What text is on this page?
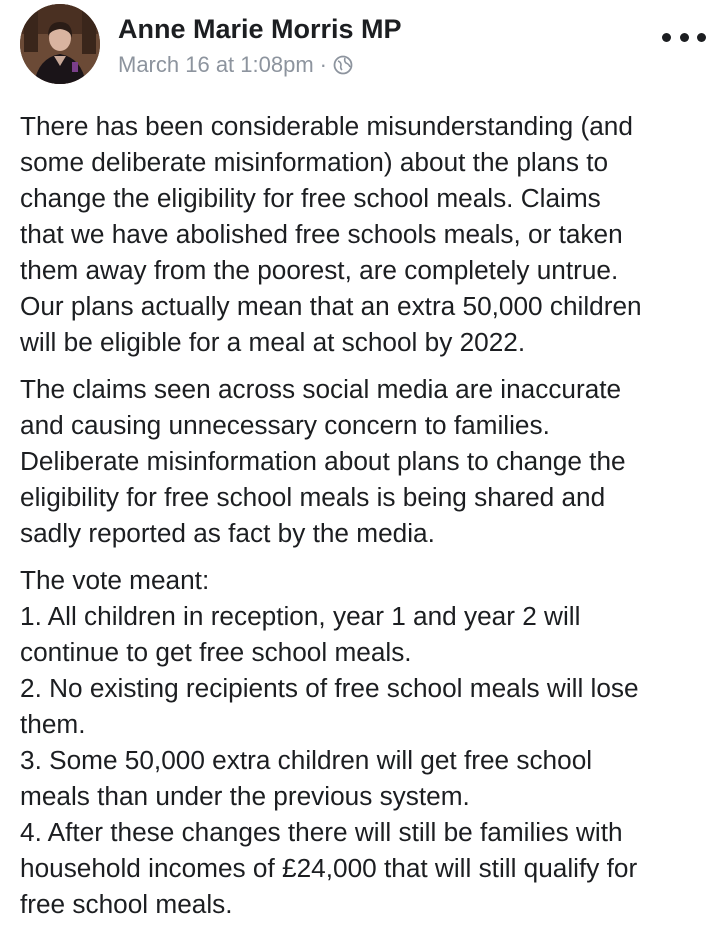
Anne Marie Morris MP
March 16 at 1:08pm ·

There has been considerable misunderstanding (and
some deliberate misinformation) about the plans to
change the eligibility for free school meals. Claims
that we have abolished free schools meals, or taken
them away from the poorest, are completely untrue.
Our plans actually mean that an extra 50,000 children
will be eligible for a meal at school by 2022.

The claims seen across social media are inaccurate
and causing unnecessary concern to families.
Deliberate misinformation about plans to change the
eligibility for free school meals is being shared and
sadly reported as fact by the media.

The vote meant:
1. All children in reception, year 1 and year 2 will
continue to get free school meals.
2. No existing recipients of free school meals will lose
them.
3. Some 50,000 extra children will get free school
meals than under the previous system.
4. After these changes there will still be families with
household incomes of £24,000 that will still qualify for
free school meals.
